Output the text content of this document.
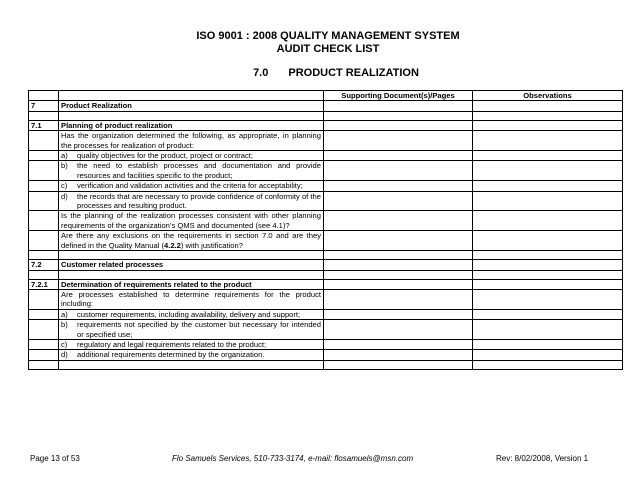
ISO 9001 : 2008 QUALITY MANAGEMENT SYSTEM
AUDIT CHECK LIST
7.0 PRODUCT REALIZATION
		Supporting Document(s)/Pages	Observations
7	Product Realization		

7.1	Planning of product realization		
	Has the organization determined the following, as appropriate, in planning the processes for realization of product:		

	a) quality objectives for the product, project or contract;		

	b) the need to establish processes and documentation and provide resources and facilities specific to the product;		

	c) verification and validation activities and the criteria for acceptability;		

	d) the records that are necessary to provide confidence of conformity of the processes and resulting product.		

	Is the planning of the realization processes consistent with other planning requirements of the organization’s QMS and documented (see 4.1)?		
	Are there any exclusions on the requirements in section 7.0 and are they defined in the Quality Manual (4.2.2) with justification?		

7.2	Customer related processes		

7.2.1	Determination of requirements related to the product		
	Are processes established to determine requirements for the product including:		

	a) customer requirements, including availability, delivery and support;		

	b) requirements not specified by the customer but necessary for intended or specified use;		

	c) regulatory and legal requirements related to the product;		

	d) additional requirements determined by the organization.		

Page 13 of 53	Flo Samuels Services, 510-733-3174, e-mail: flosamuels@msn.com	Rev: 8/02/2008, Version 1
